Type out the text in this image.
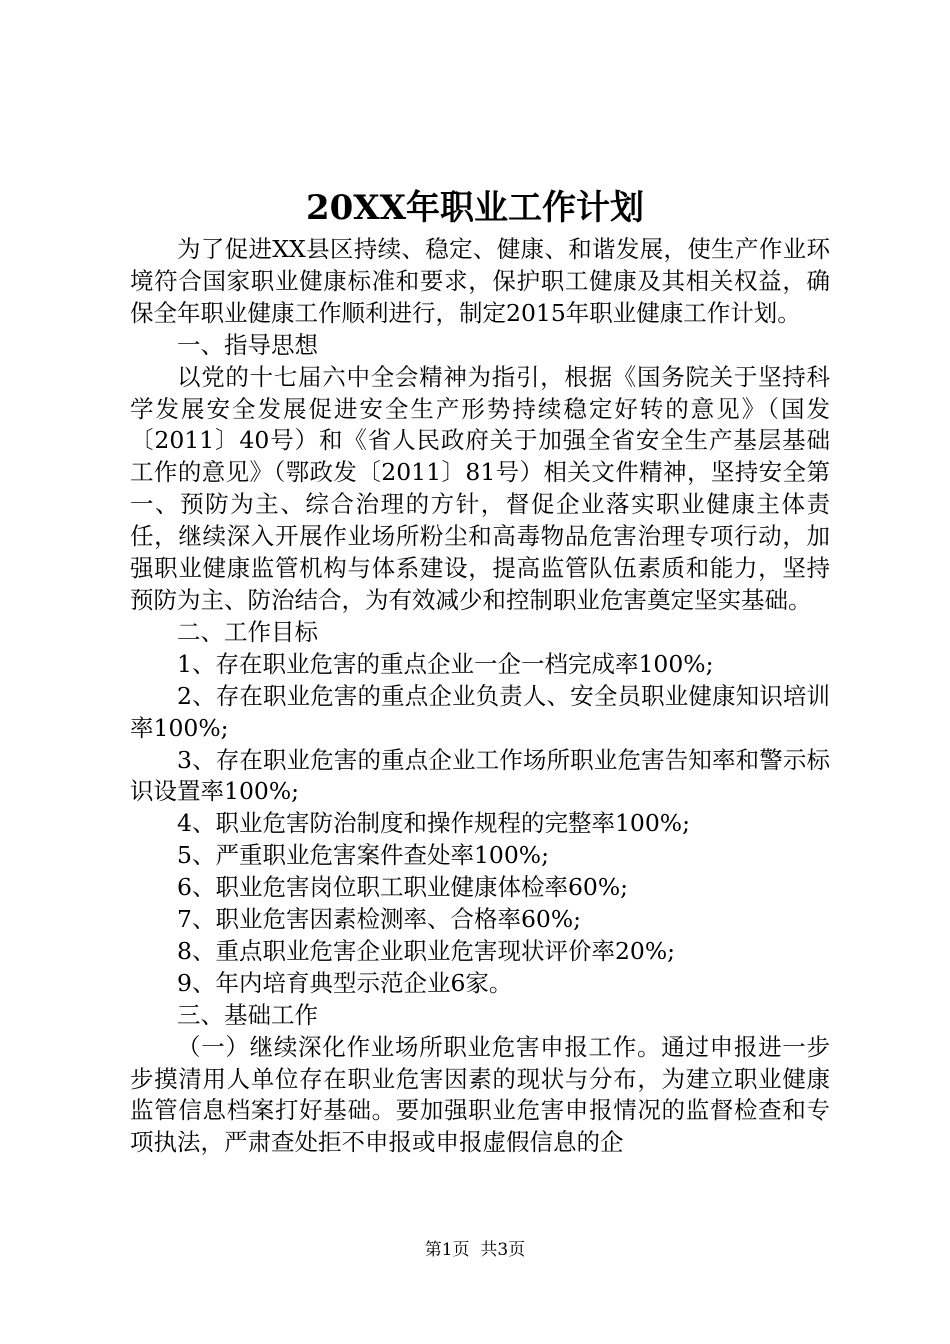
20XX年职业工作计划

为了促进XX县区持续、稳定、健康、和谐发展，使生产作业环境符合国家职业健康标准和要求，保护职工健康及其相关权益，确保全年职业健康工作顺利进行，制定2015年职业健康工作计划。

一、指导思想

以党的十七届六中全会精神为指引，根据《国务院关于坚持科学发展安全发展促进安全生产形势持续稳定好转的意见》（国发〔2011〕40号）和《省人民政府关于加强全省安全生产基层基础工作的意见》（鄂政发〔2011〕81号）相关文件精神，坚持安全第一、预防为主、综合治理的方针，督促企业落实职业健康主体责任，继续深入开展作业场所粉尘和高毒物品危害治理专项行动，加强职业健康监管机构与体系建设，提高监管队伍素质和能力，坚持预防为主、防治结合，为有效减少和控制职业危害奠定坚实基础。

二、工作目标

1、存在职业危害的重点企业一企一档完成率100%;

2、存在职业危害的重点企业负责人、安全员职业健康知识培训率100%;

3、存在职业危害的重点企业工作场所职业危害告知率和警示标识设置率100%;

4、职业危害防治制度和操作规程的完整率100%;

5、严重职业危害案件查处率100%;

6、职业危害岗位职工职业健康体检率60%;

7、职业危害因素检测率、合格率60%;

8、重点职业危害企业职业危害现状评价率20%;

9、年内培育典型示范企业6家。

三、基础工作

（一）继续深化作业场所职业危害申报工作。通过申报进一步步摸清用人单位存在职业危害因素的现状与分布，为建立职业健康监管信息档案打好基础。要加强职业危害申报情况的监督检查和专项执法，严肃查处拒不申报或申报虚假信息的企

第1页 共3页
